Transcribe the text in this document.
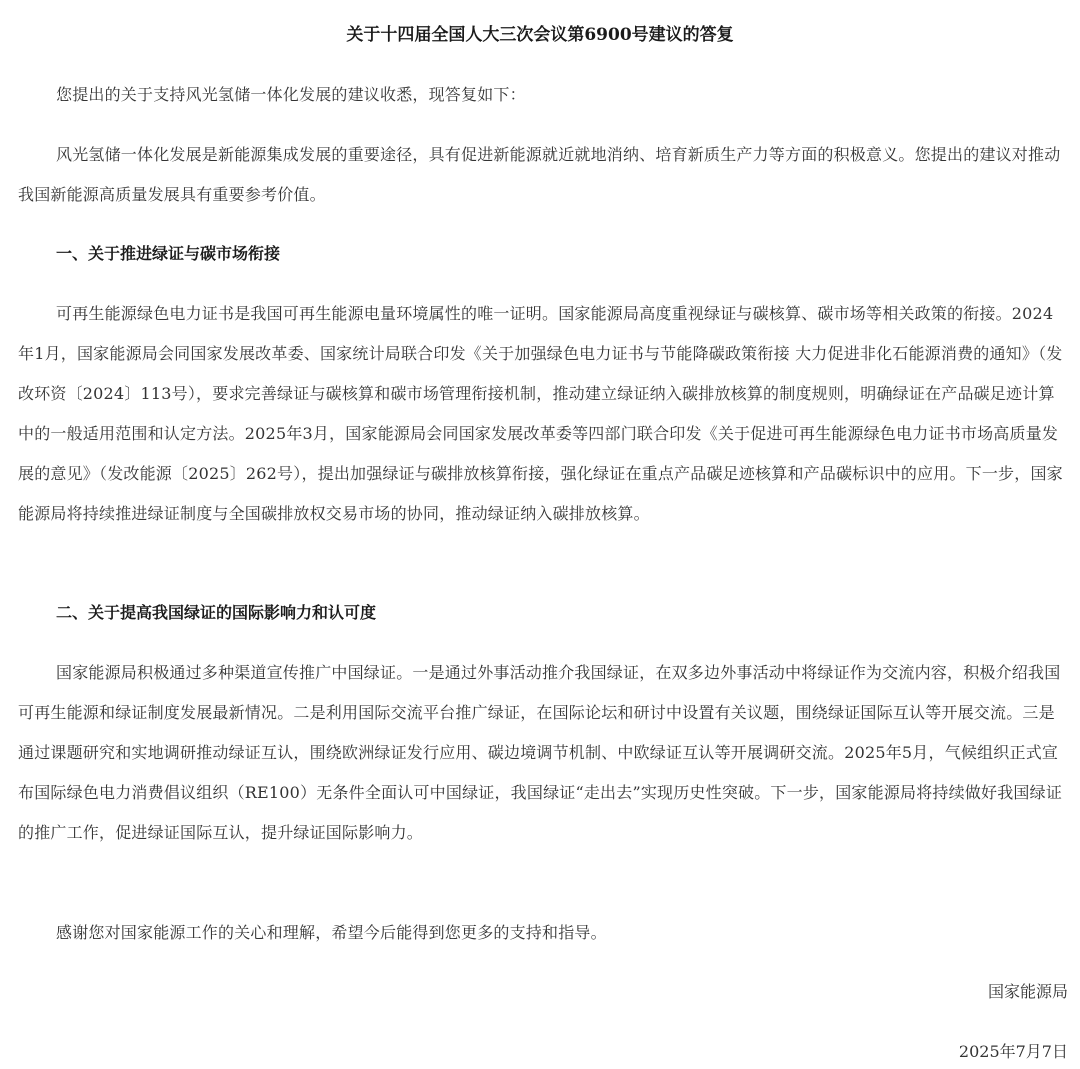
关于十四届全国人大三次会议第6900号建议的答复

您提出的关于支持风光氢储一体化发展的建议收悉，现答复如下：

风光氢储一体化发展是新能源集成发展的重要途径，具有促进新能源就近就地消纳、培育新质生产力等方面的积极意义。您提出的建议对推动我国新能源高质量发展具有重要参考价值。

一、关于推进绿证与碳市场衔接

可再生能源绿色电力证书是我国可再生能源电量环境属性的唯一证明。国家能源局高度重视绿证与碳核算、碳市场等相关政策的衔接。2024年1月，国家能源局会同国家发展改革委、国家统计局联合印发《关于加强绿色电力证书与节能降碳政策衔接 大力促进非化石能源消费的通知》（发改环资〔2024〕113号），要求完善绿证与碳核算和碳市场管理衔接机制，推动建立绿证纳入碳排放核算的制度规则，明确绿证在产品碳足迹计算中的一般适用范围和认定方法。2025年3月，国家能源局会同国家发展改革委等四部门联合印发《关于促进可再生能源绿色电力证书市场高质量发展的意见》（发改能源〔2025〕262号），提出加强绿证与碳排放核算衔接，强化绿证在重点产品碳足迹核算和产品碳标识中的应用。下一步，国家能源局将持续推进绿证制度与全国碳排放权交易市场的协同，推动绿证纳入碳排放核算。

二、关于提高我国绿证的国际影响力和认可度

国家能源局积极通过多种渠道宣传推广中国绿证。一是通过外事活动推介我国绿证，在双多边外事活动中将绿证作为交流内容，积极介绍我国可再生能源和绿证制度发展最新情况。二是利用国际交流平台推广绿证，在国际论坛和研讨中设置有关议题，围绕绿证国际互认等开展交流。三是通过课题研究和实地调研推动绿证互认，围绕欧洲绿证发行应用、碳边境调节机制、中欧绿证互认等开展调研交流。2025年5月，气候组织正式宣布国际绿色电力消费倡议组织（RE100）无条件全面认可中国绿证，我国绿证“走出去”实现历史性突破。下一步，国家能源局将持续做好我国绿证的推广工作，促进绿证国际互认，提升绿证国际影响力。

感谢您对国家能源工作的关心和理解，希望今后能得到您更多的支持和指导。

国家能源局

2025年7月7日
